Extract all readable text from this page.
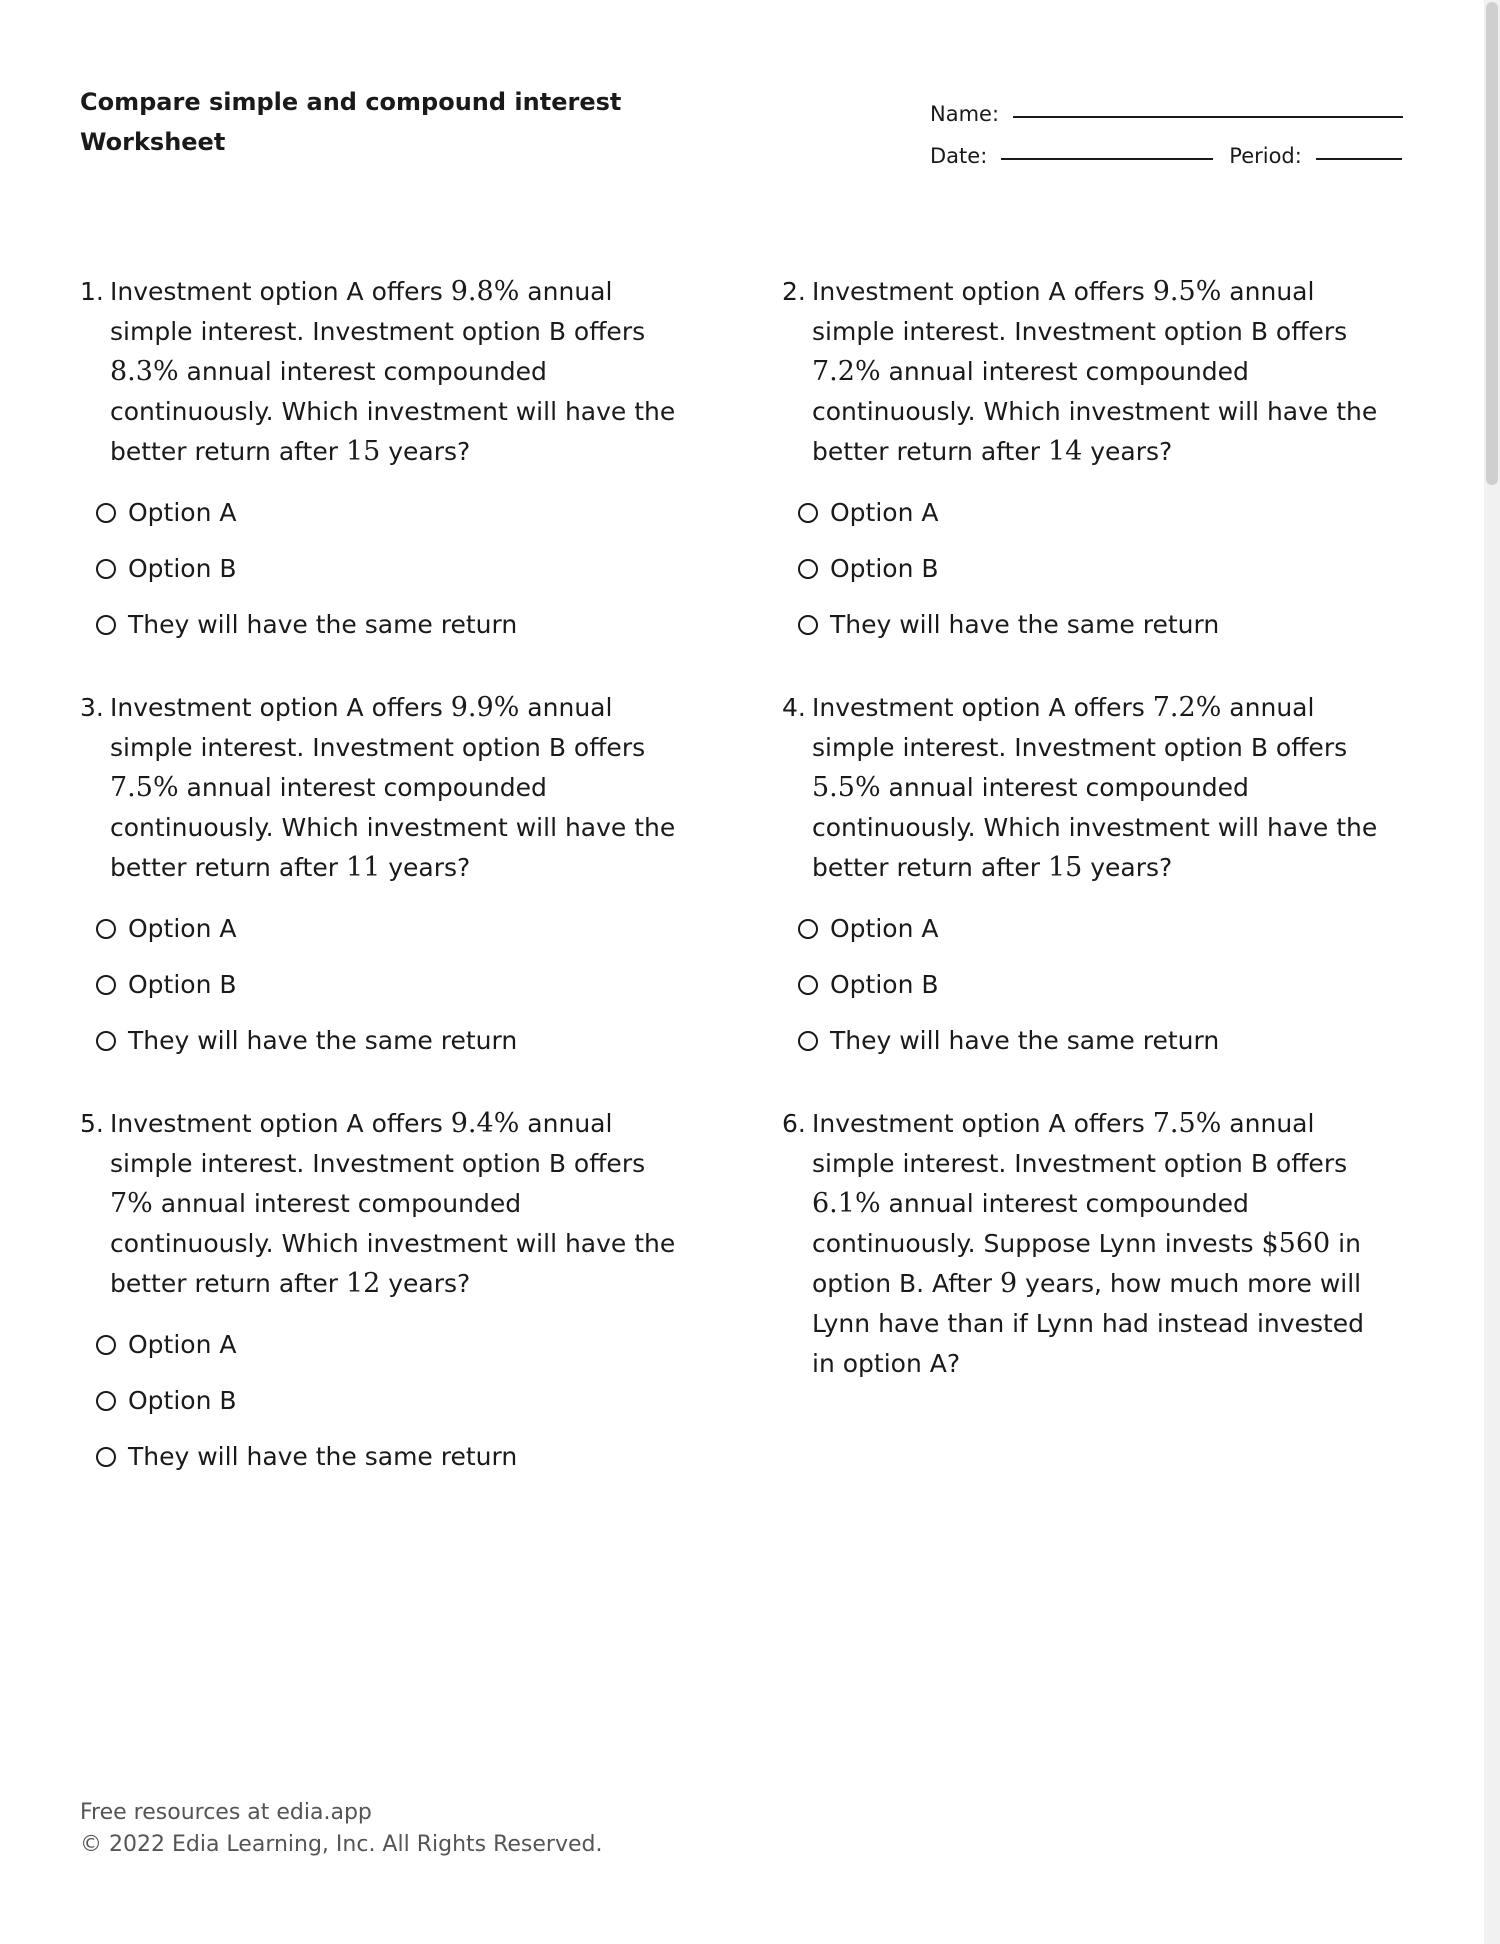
Compare simple and compound interest
Worksheet
Name:
Date:	Period:
1. Investment option A offers 9.8% annual simple interest. Investment option B offers 8.3% annual interest compounded continuously. Which investment will have the better return after 15 years?
Option A
Option B
They will have the same return
2. Investment option A offers 9.5% annual simple interest. Investment option B offers 7.2% annual interest compounded continuously. Which investment will have the better return after 14 years?
Option A
Option B
They will have the same return
3. Investment option A offers 9.9% annual simple interest. Investment option B offers 7.5% annual interest compounded continuously. Which investment will have the better return after 11 years?
Option A
Option B
They will have the same return
4. Investment option A offers 7.2% annual simple interest. Investment option B offers 5.5% annual interest compounded continuously. Which investment will have the better return after 15 years?
Option A
Option B
They will have the same return
5. Investment option A offers 9.4% annual simple interest. Investment option B offers 7% annual interest compounded continuously. Which investment will have the better return after 12 years?
Option A
Option B
They will have the same return
6. Investment option A offers 7.5% annual simple interest. Investment option B offers 6.1% annual interest compounded continuously. Suppose Lynn invests $560 in option B. After 9 years, how much more will Lynn have than if Lynn had instead invested in option A?
Free resources at edia.app
© 2022 Edia Learning, Inc. All Rights Reserved.
